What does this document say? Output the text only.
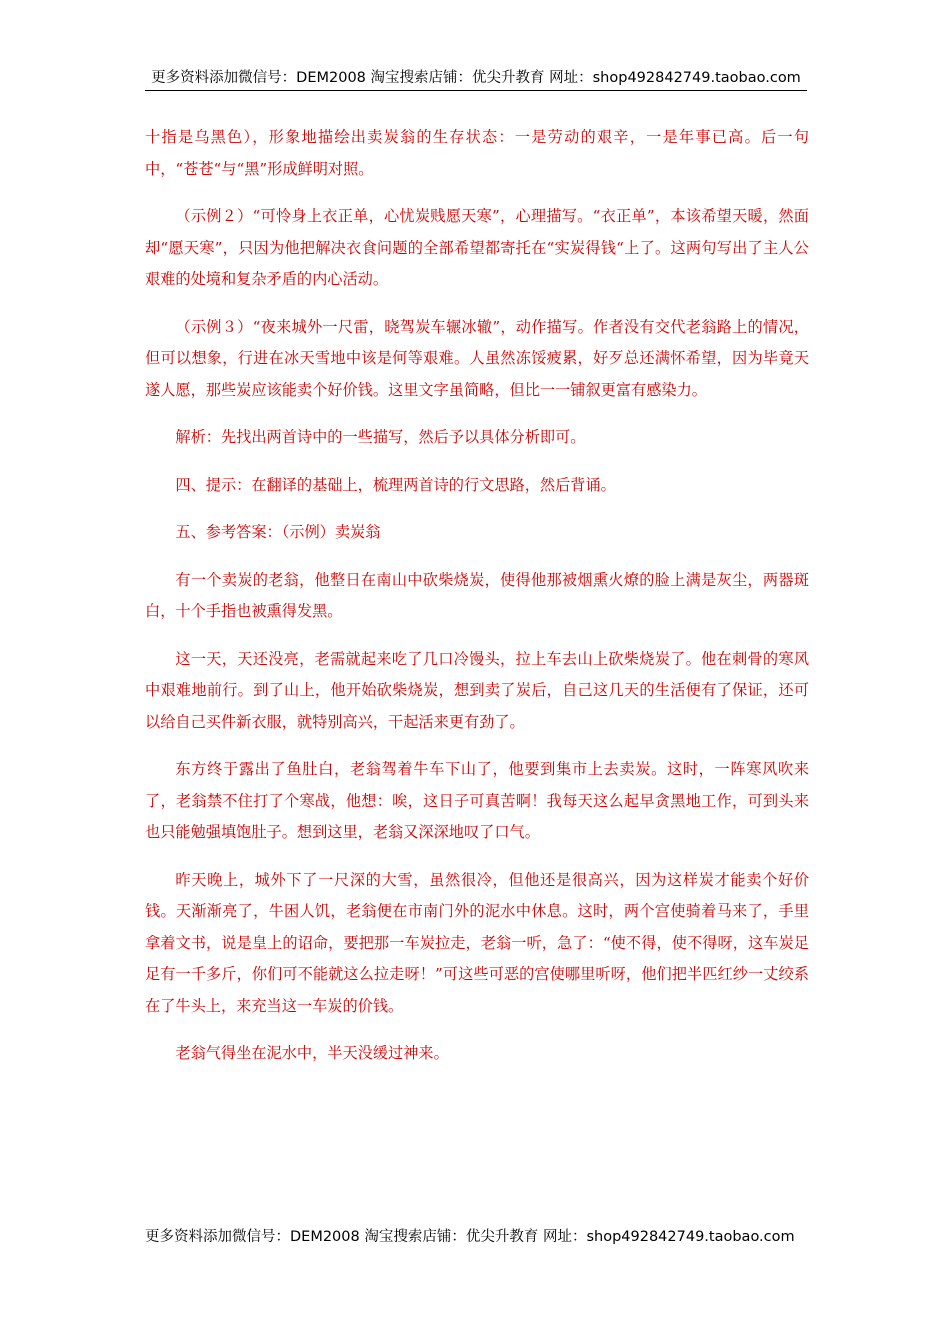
更多资料添加微信号：DEM2008 淘宝搜索店铺：优尖升教育 网址：shop492842749.taobao.com

十指是乌黑色），形象地描绘出卖炭翁的生存状态：一是劳动的艰辛，一是年事已高。后一句中，“苍苍“与“黑”形成鲜明对照。

（示例２）“可怜身上衣正单，心忧炭贱愿天寒”，心理描写。“衣正单”，本该希望天暖，然面却“愿天寒”，只因为他把解决衣食问题的全部希望都寄托在“实炭得钱“上了。这两句写出了主人公艰难的处境和复杂矛盾的内心活动。

（示例３）“夜来城外一尺雷，晓驾炭车辗冰辙”，动作描写。作者没有交代老翁路上的情况，但可以想象，行进在冰天雪地中该是何等艰难。人虽然冻馁疲累，好歹总还满怀希望，因为毕竟天遂人愿，那些炭应该能卖个好价钱。这里文字虽简略，但比一一铺叙更富有感染力。

解析：先找出两首诗中的一些描写，然后予以具体分析即可。

四、提示：在翻译的基础上，梳理两首诗的行文思路，然后背诵。

五、参考答案：（示例）卖炭翁

有一个卖炭的老翁，他整日在南山中砍柴烧炭，使得他那被烟熏火燎的脸上满是灰尘，两器斑白，十个手指也被熏得发黑。

这一天，天还没亮，老需就起来吃了几口冷馒头，拉上车去山上砍柴烧炭了。他在刺骨的寒风中艰难地前行。到了山上，他开始砍柴烧炭，想到卖了炭后，自己这几天的生活便有了保证，还可以给自己买件新衣服，就特别高兴，干起活来更有劲了。

东方终于露出了鱼肚白，老翁驾着牛车下山了，他要到集市上去卖炭。这时，一阵寒风吹来了，老翁禁不住打了个寒战，他想：唉，这日子可真苦啊！我每天这么起早贪黑地工作，可到头来也只能勉强填饱肚子。想到这里，老翁又深深地叹了口气。

昨天晚上，城外下了一尺深的大雪，虽然很冷，但他还是很高兴，因为这样炭才能卖个好价钱。天渐渐亮了，牛困人饥，老翁便在市南门外的泥水中休息。这时，两个宫使骑着马来了，手里拿着文书，说是皇上的诏命，要把那一车炭拉走，老翁一听，急了：“使不得，使不得呀，这车炭足足有一千多斤，你们可不能就这么拉走呀！”可这些可恶的宫使哪里听呀，他们把半匹红纱一丈绞系在了牛头上，来充当这一车炭的价钱。

老翁气得坐在泥水中，半天没缓过神来。

更多资料添加微信号：DEM2008 淘宝搜索店铺：优尖升教育 网址：shop492842749.taobao.com
